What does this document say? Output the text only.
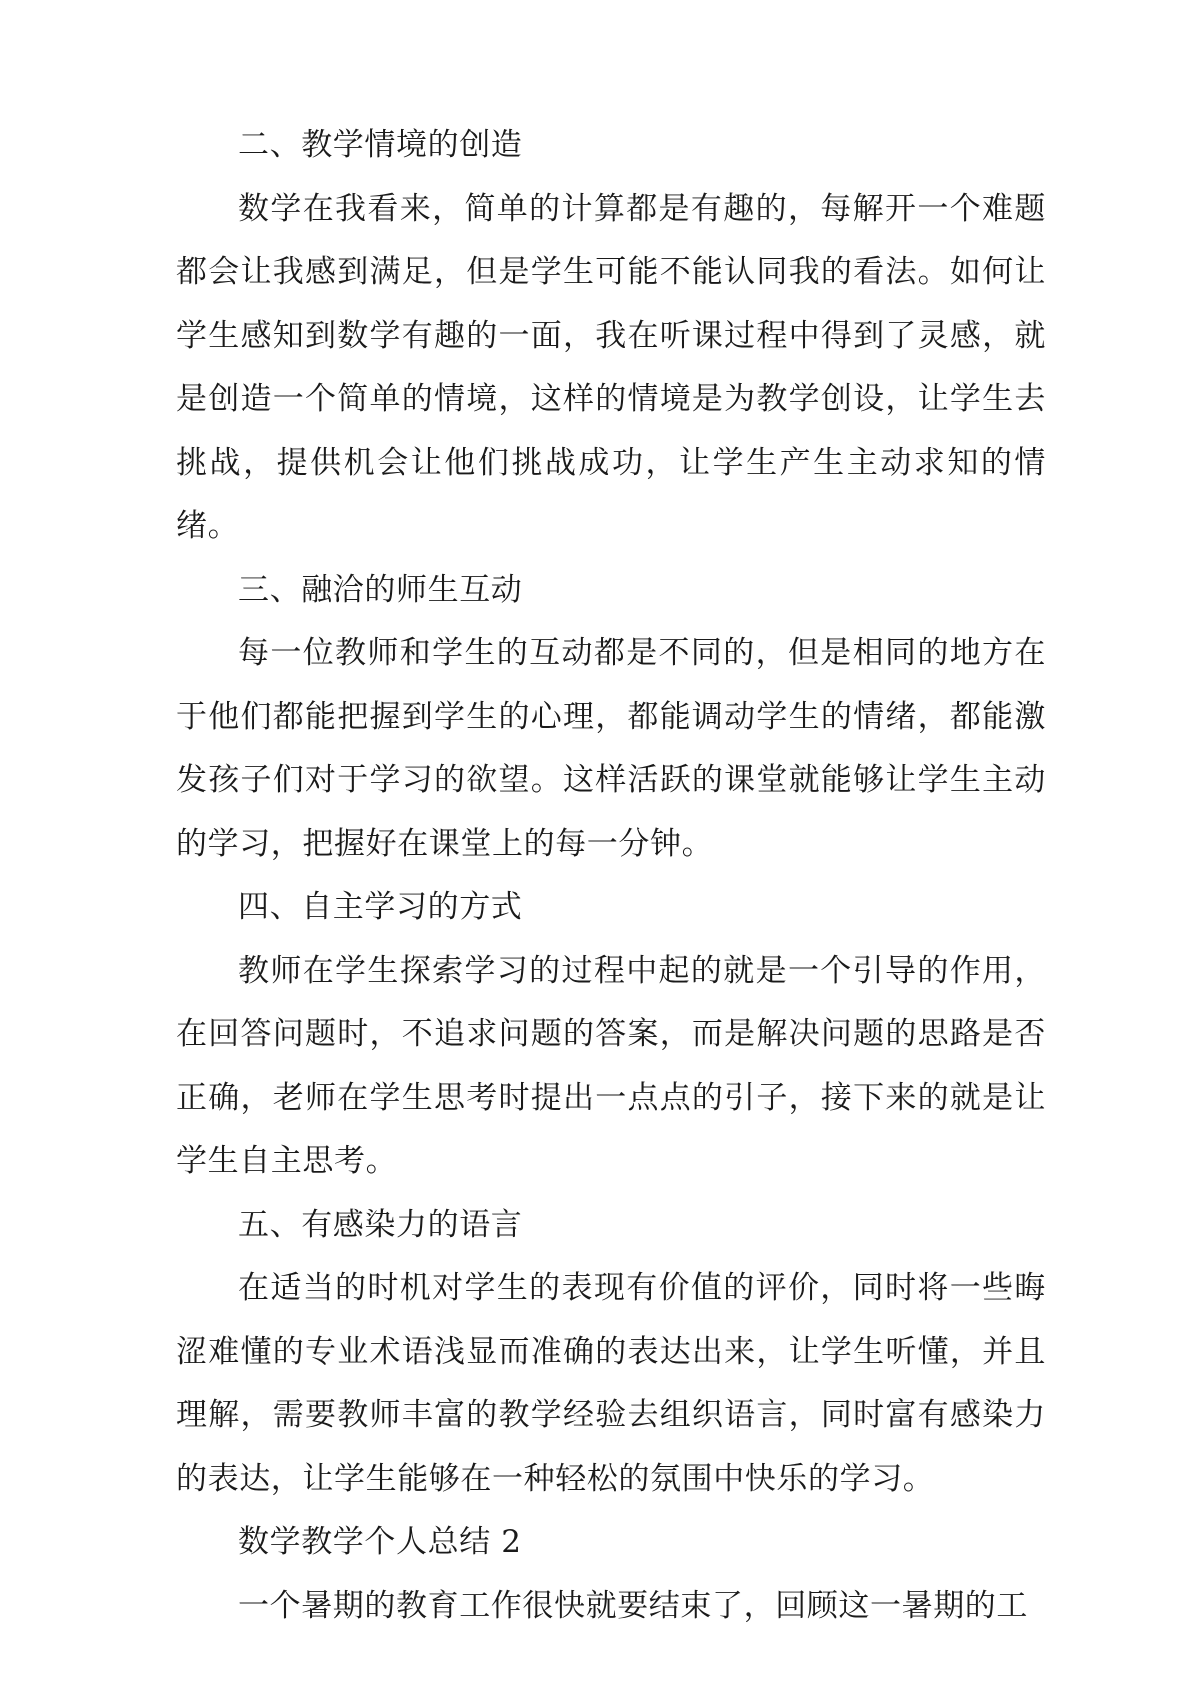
二、教学情境的创造

数学在我看来，简单的计算都是有趣的，每解开一个难题都会让我感到满足，但是学生可能不能认同我的看法。如何让学生感知到数学有趣的一面，我在听课过程中得到了灵感，就是创造一个简单的情境，这样的情境是为教学创设，让学生去挑战，提供机会让他们挑战成功，让学生产生主动求知的情绪。

三、融洽的师生互动

每一位教师和学生的互动都是不同的，但是相同的地方在于他们都能把握到学生的心理，都能调动学生的情绪，都能激发孩子们对于学习的欲望。这样活跃的课堂就能够让学生主动的学习，把握好在课堂上的每一分钟。

四、自主学习的方式

教师在学生探索学习的过程中起的就是一个引导的作用，在回答问题时，不追求问题的答案，而是解决问题的思路是否正确，老师在学生思考时提出一点点的引子，接下来的就是让学生自主思考。

五、有感染力的语言

在适当的时机对学生的表现有价值的评价，同时将一些晦涩难懂的专业术语浅显而准确的表达出来，让学生听懂，并且理解，需要教师丰富的教学经验去组织语言，同时富有感染力的表达，让学生能够在一种轻松的氛围中快乐的学习。

数学教学个人总结 2

一个暑期的教育工作很快就要结束了，回顾这一暑期的工
